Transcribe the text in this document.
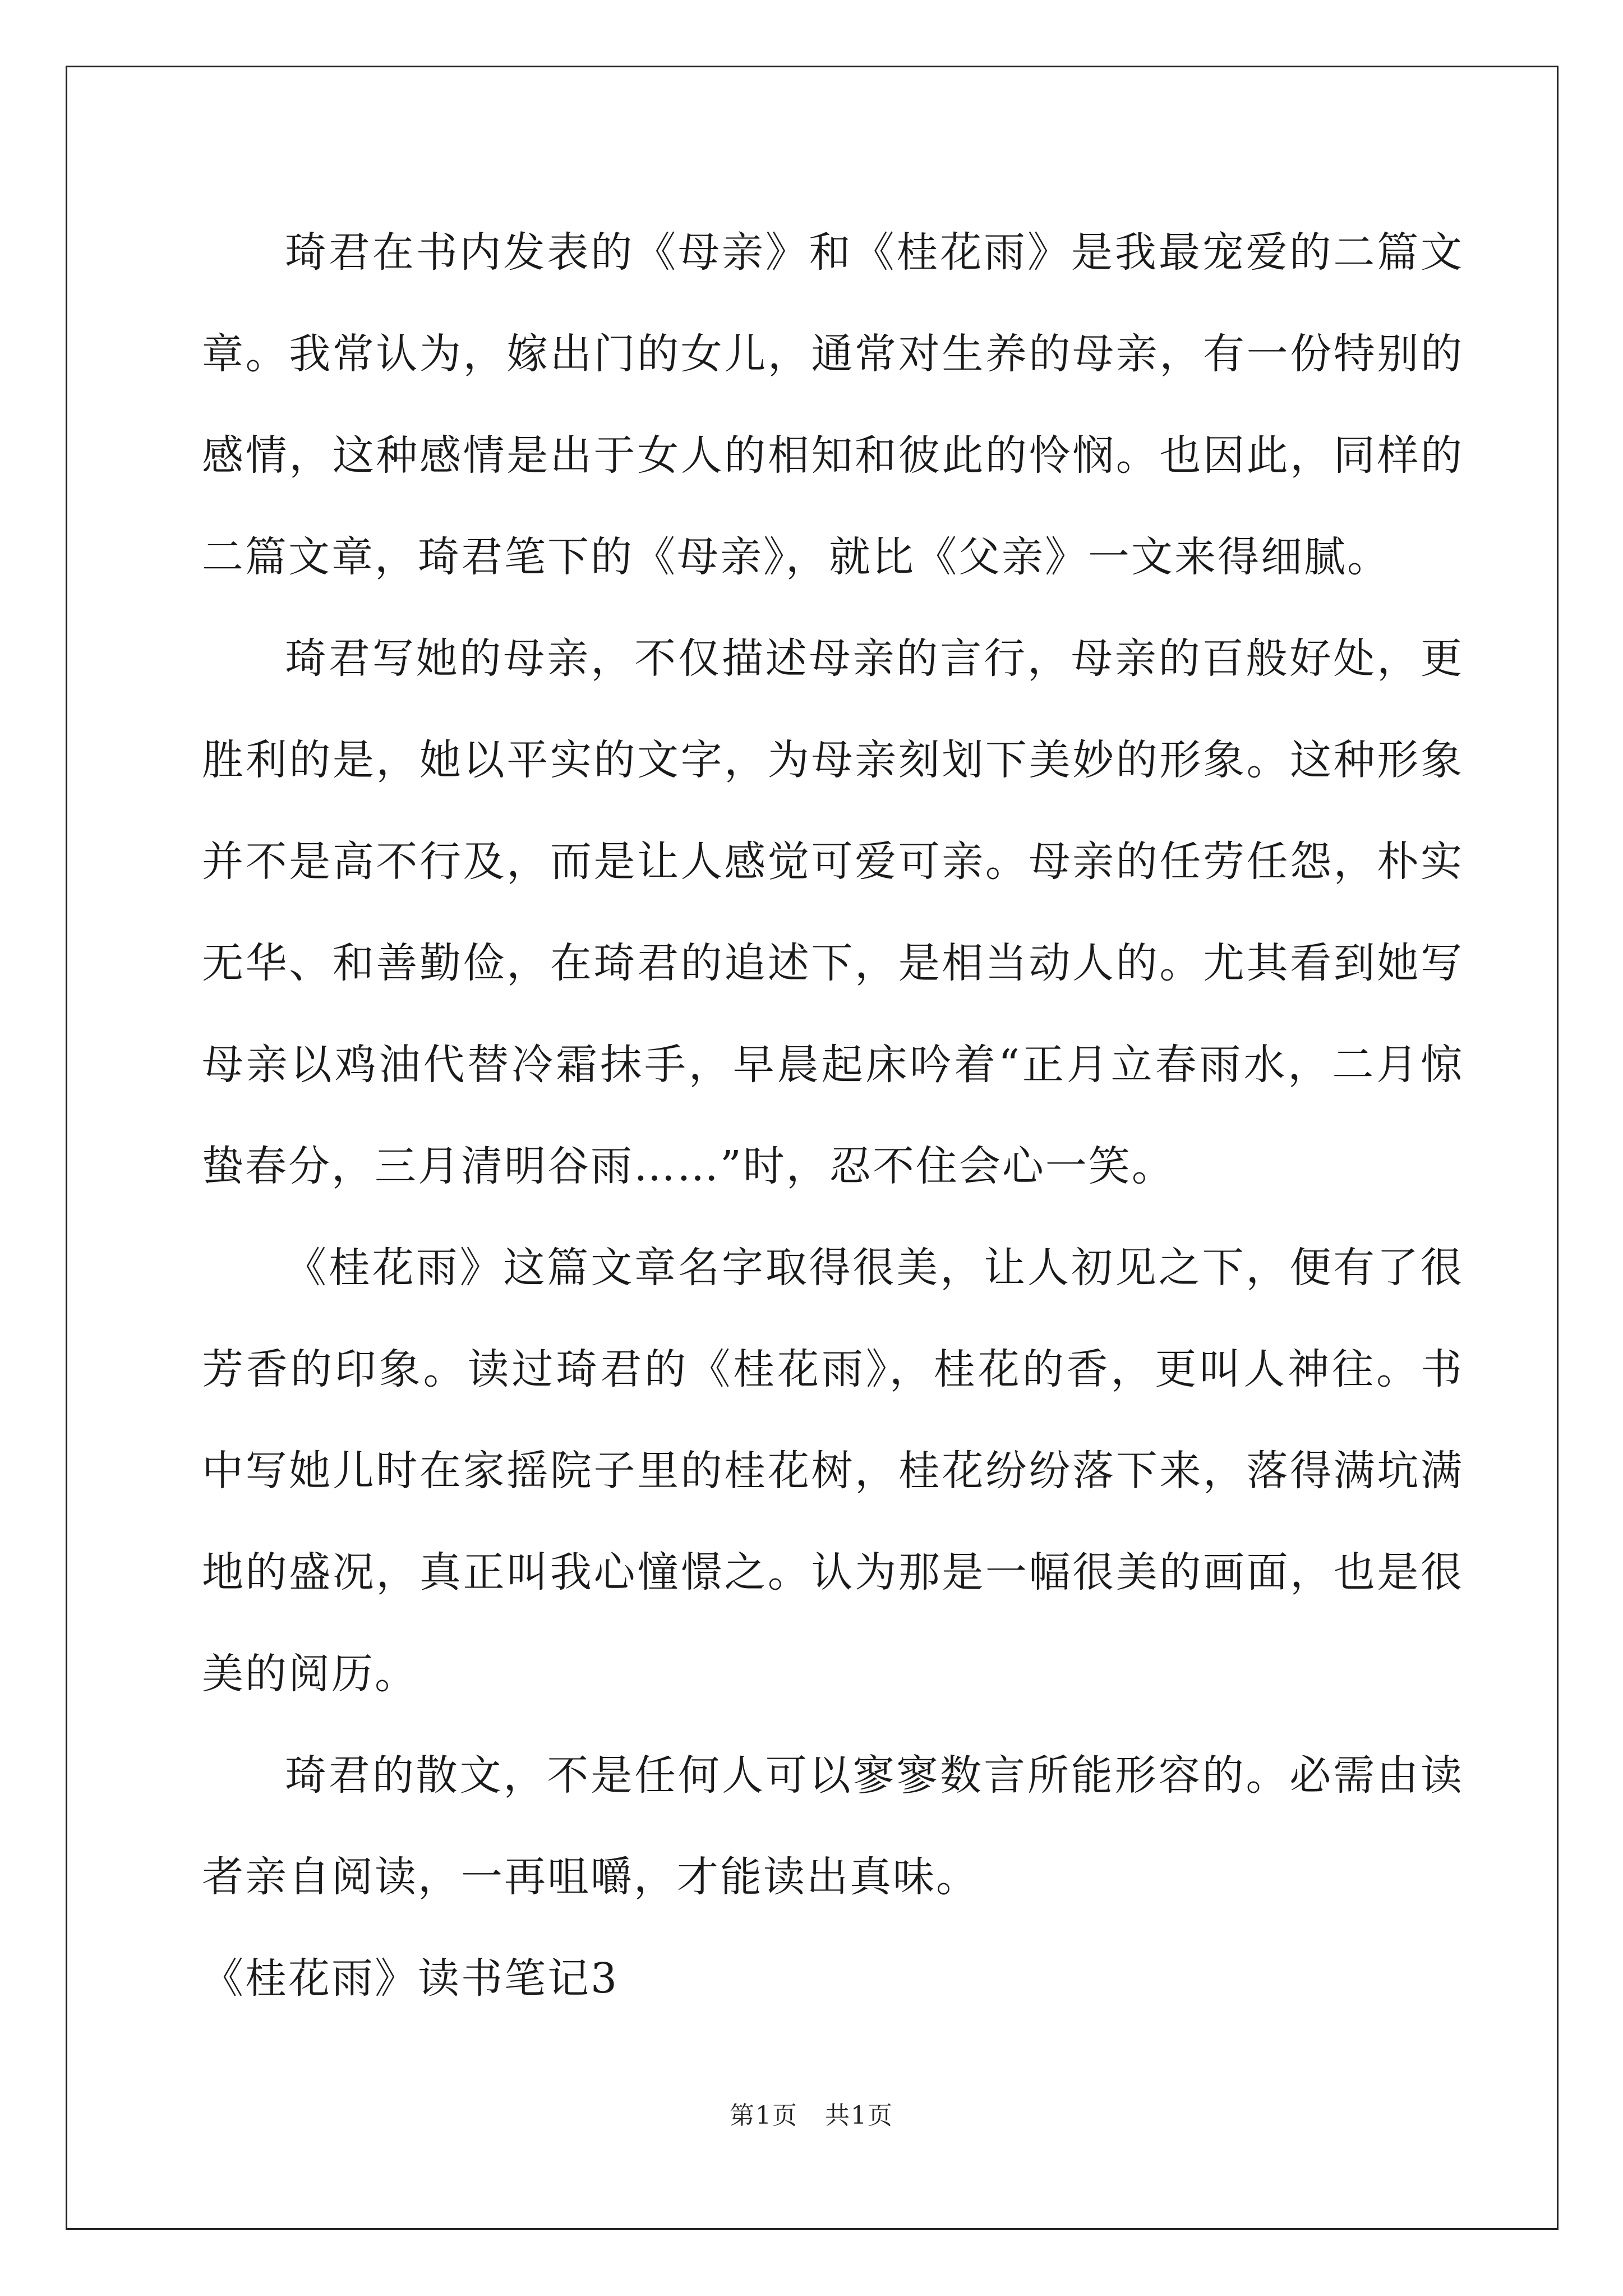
琦君在书内发表的《母亲》和《桂花雨》是我最宠爱的二篇文章。我常认为，嫁出门的女儿，通常对生养的母亲，有一份特别的感情，这种感情是出于女人的相知和彼此的怜悯。也因此，同样的二篇文章，琦君笔下的《母亲》，就比《父亲》一文来得细腻。

琦君写她的母亲，不仅描述母亲的言行，母亲的百般好处，更胜利的是，她以平实的文字，为母亲刻划下美妙的形象。这种形象并不是高不行及，而是让人感觉可爱可亲。母亲的任劳任怨，朴实无华、和善勤俭，在琦君的追述下，是相当动人的。尤其看到她写母亲以鸡油代替冷霜抹手，早晨起床吟着“正月立春雨水，二月惊蛰春分，三月清明谷雨……”时，忍不住会心一笑。

《桂花雨》这篇文章名字取得很美，让人初见之下，便有了很芳香的印象。读过琦君的《桂花雨》，桂花的香，更叫人神往。书中写她儿时在家摇院子里的桂花树，桂花纷纷落下来，落得满坑满地的盛况，真正叫我心憧憬之。认为那是一幅很美的画面，也是很美的阅历。

琦君的散文，不是任何人可以寥寥数言所能形容的。必需由读者亲自阅读，一再咀嚼，才能读出真味。

《桂花雨》读书笔记3

第1页 共1页
